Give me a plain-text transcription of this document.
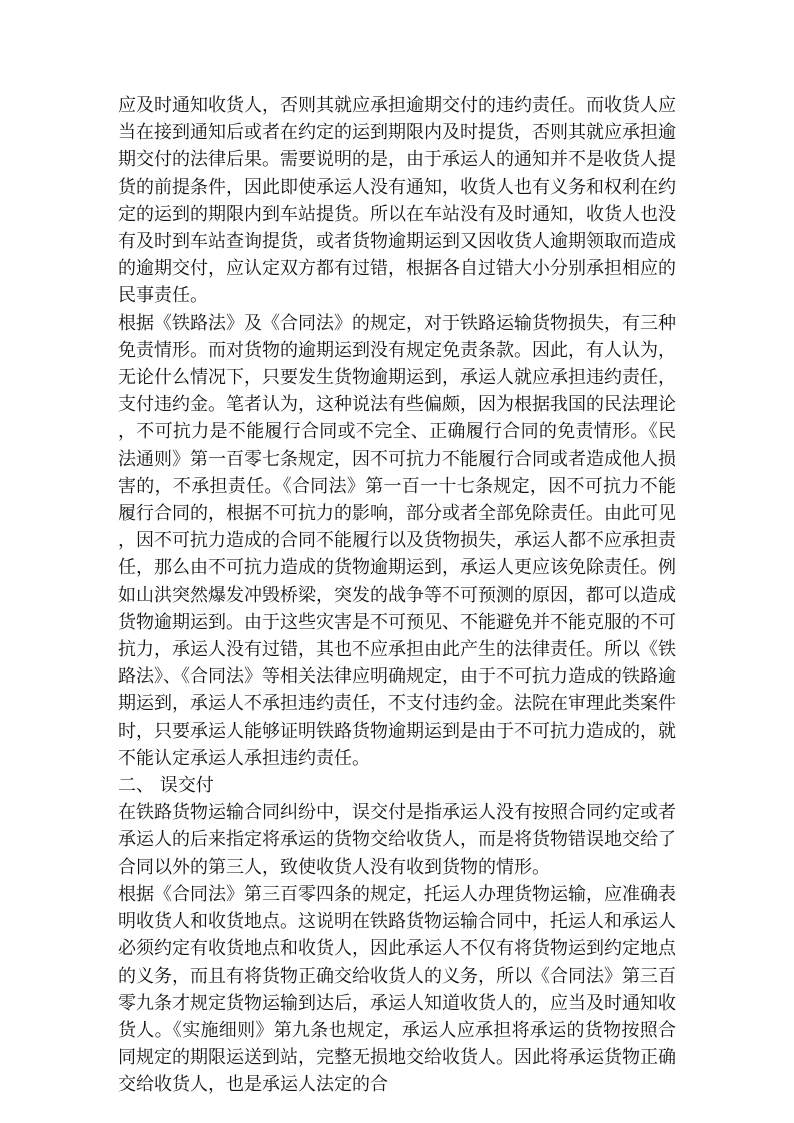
应及时通知收货人，否则其就应承担逾期交付的违约责任。而收货人应当在接到通知后或者在约定的运到期限内及时提货，否则其就应承担逾期交付的法律后果。需要说明的是，由于承运人的通知并不是收货人提货的前提条件，因此即使承运人没有通知，收货人也有义务和权利在约定的运到的期限内到车站提货。所以在车站没有及时通知，收货人也没有及时到车站查询提货，或者货物逾期运到又因收货人逾期领取而造成的逾期交付，应认定双方都有过错，根据各自过错大小分别承担相应的民事责任。

根据《铁路法》及《合同法》的规定，对于铁路运输货物损失，有三种免责情形。而对货物的逾期运到没有规定免责条款。因此，有人认为，无论什么情况下，只要发生货物逾期运到，承运人就应承担违约责任，支付违约金。笔者认为，这种说法有些偏颇，因为根据我国的民法理论，不可抗力是不能履行合同或不完全、正确履行合同的免责情形。《民法通则》第一百零七条规定，因不可抗力不能履行合同或者造成他人损害的，不承担责任。《合同法》第一百一十七条规定，因不可抗力不能履行合同的，根据不可抗力的影响，部分或者全部免除责任。由此可见，因不可抗力造成的合同不能履行以及货物损失，承运人都不应承担责任，那么由不可抗力造成的货物逾期运到，承运人更应该免除责任。例如山洪突然爆发冲毁桥梁，突发的战争等不可预测的原因，都可以造成货物逾期运到。由于这些灾害是不可预见、不能避免并不能克服的不可抗力，承运人没有过错，其也不应承担由此产生的法律责任。所以《铁路法》、《合同法》等相关法律应明确规定，由于不可抗力造成的铁路逾期运到，承运人不承担违约责任，不支付违约金。法院在审理此类案件时，只要承运人能够证明铁路货物逾期运到是由于不可抗力造成的，就不能认定承运人承担违约责任。

二、 误交付

在铁路货物运输合同纠纷中，误交付是指承运人没有按照合同约定或者承运人的后来指定将承运的货物交给收货人，而是将货物错误地交给了合同以外的第三人，致使收货人没有收到货物的情形。

根据《合同法》第三百零四条的规定，托运人办理货物运输，应准确表明收货人和收货地点。这说明在铁路货物运输合同中，托运人和承运人必须约定有收货地点和收货人，因此承运人不仅有将货物运到约定地点的义务，而且有将货物正确交给收货人的义务，所以《合同法》第三百零九条才规定货物运输到达后，承运人知道收货人的，应当及时通知收货人。《实施细则》第九条也规定，承运人应承担将承运的货物按照合同规定的期限运送到站，完整无损地交给收货人。因此将承运货物正确交给收货人，也是承运人法定的合
